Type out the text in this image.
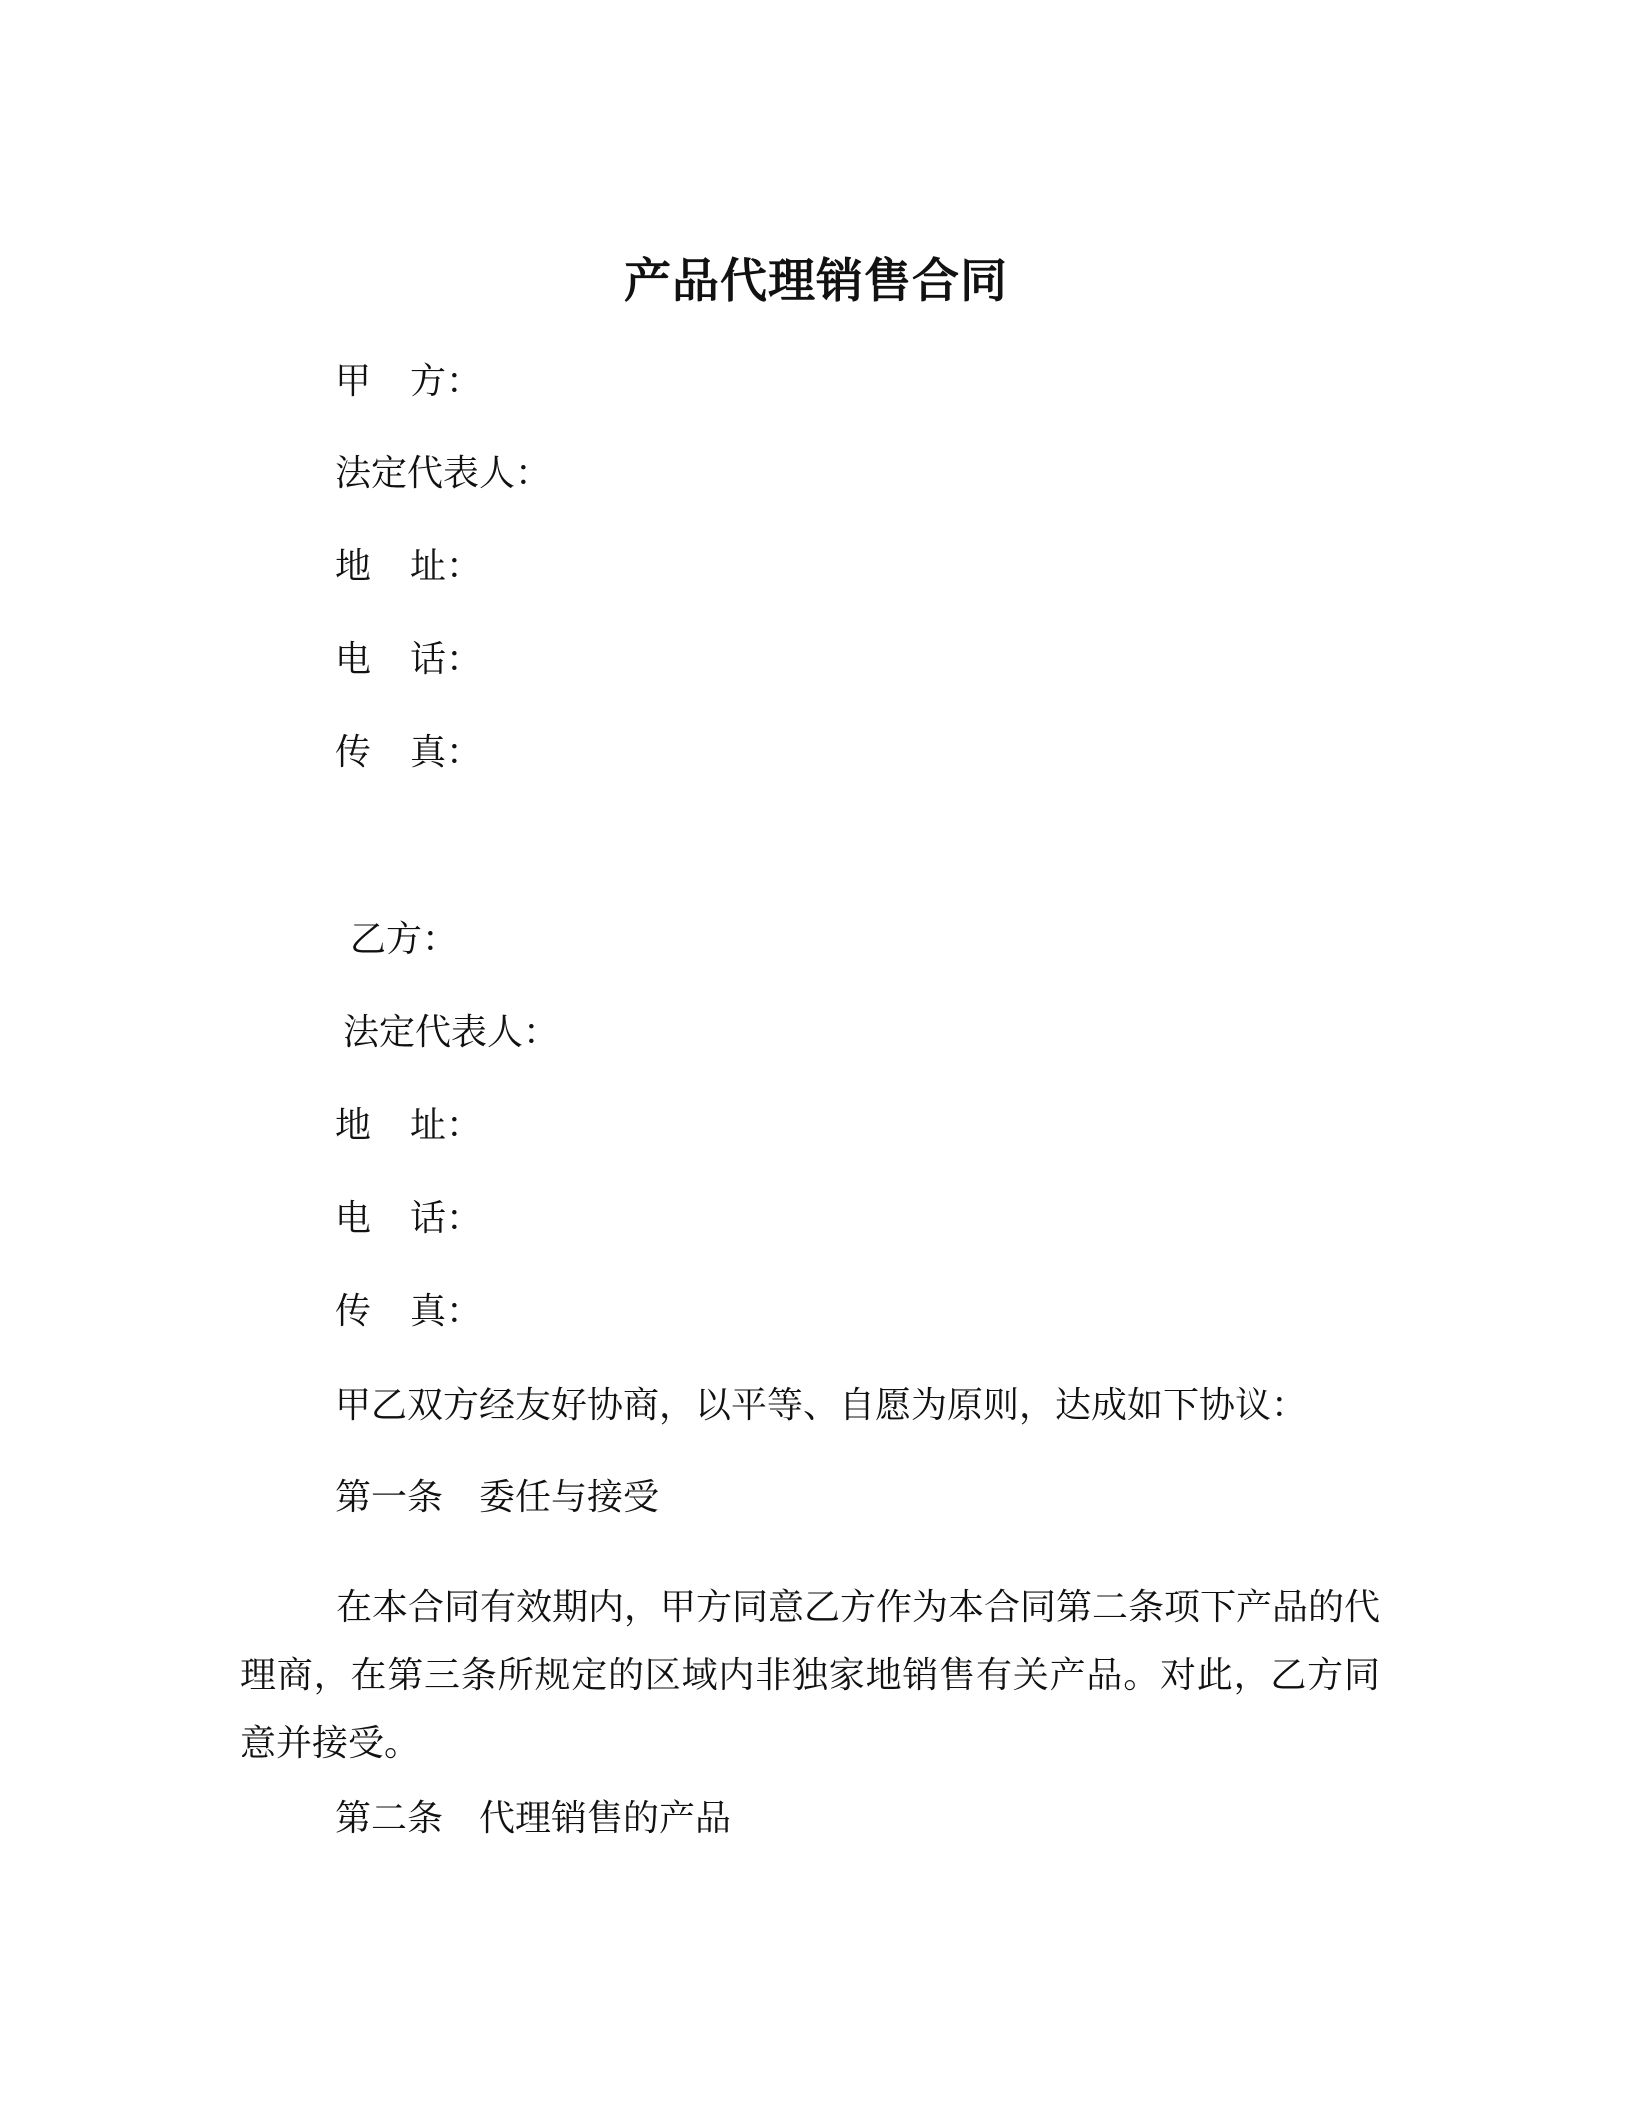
产品代理销售合同
甲 方：
法定代表人：
地 址：
电 话：
传 真：
乙方：
法定代表人：
地 址：
电 话：
传 真：
甲乙双方经友好协商，以平等、自愿为原则，达成如下协议：
第一条　委任与接受
在本合同有效期内，甲方同意乙方作为本合同第二条项下产品的代理商，在第三条所规定的区域内非独家地销售有关产品。对此，乙方同意并接受。
第二条　代理销售的产品
